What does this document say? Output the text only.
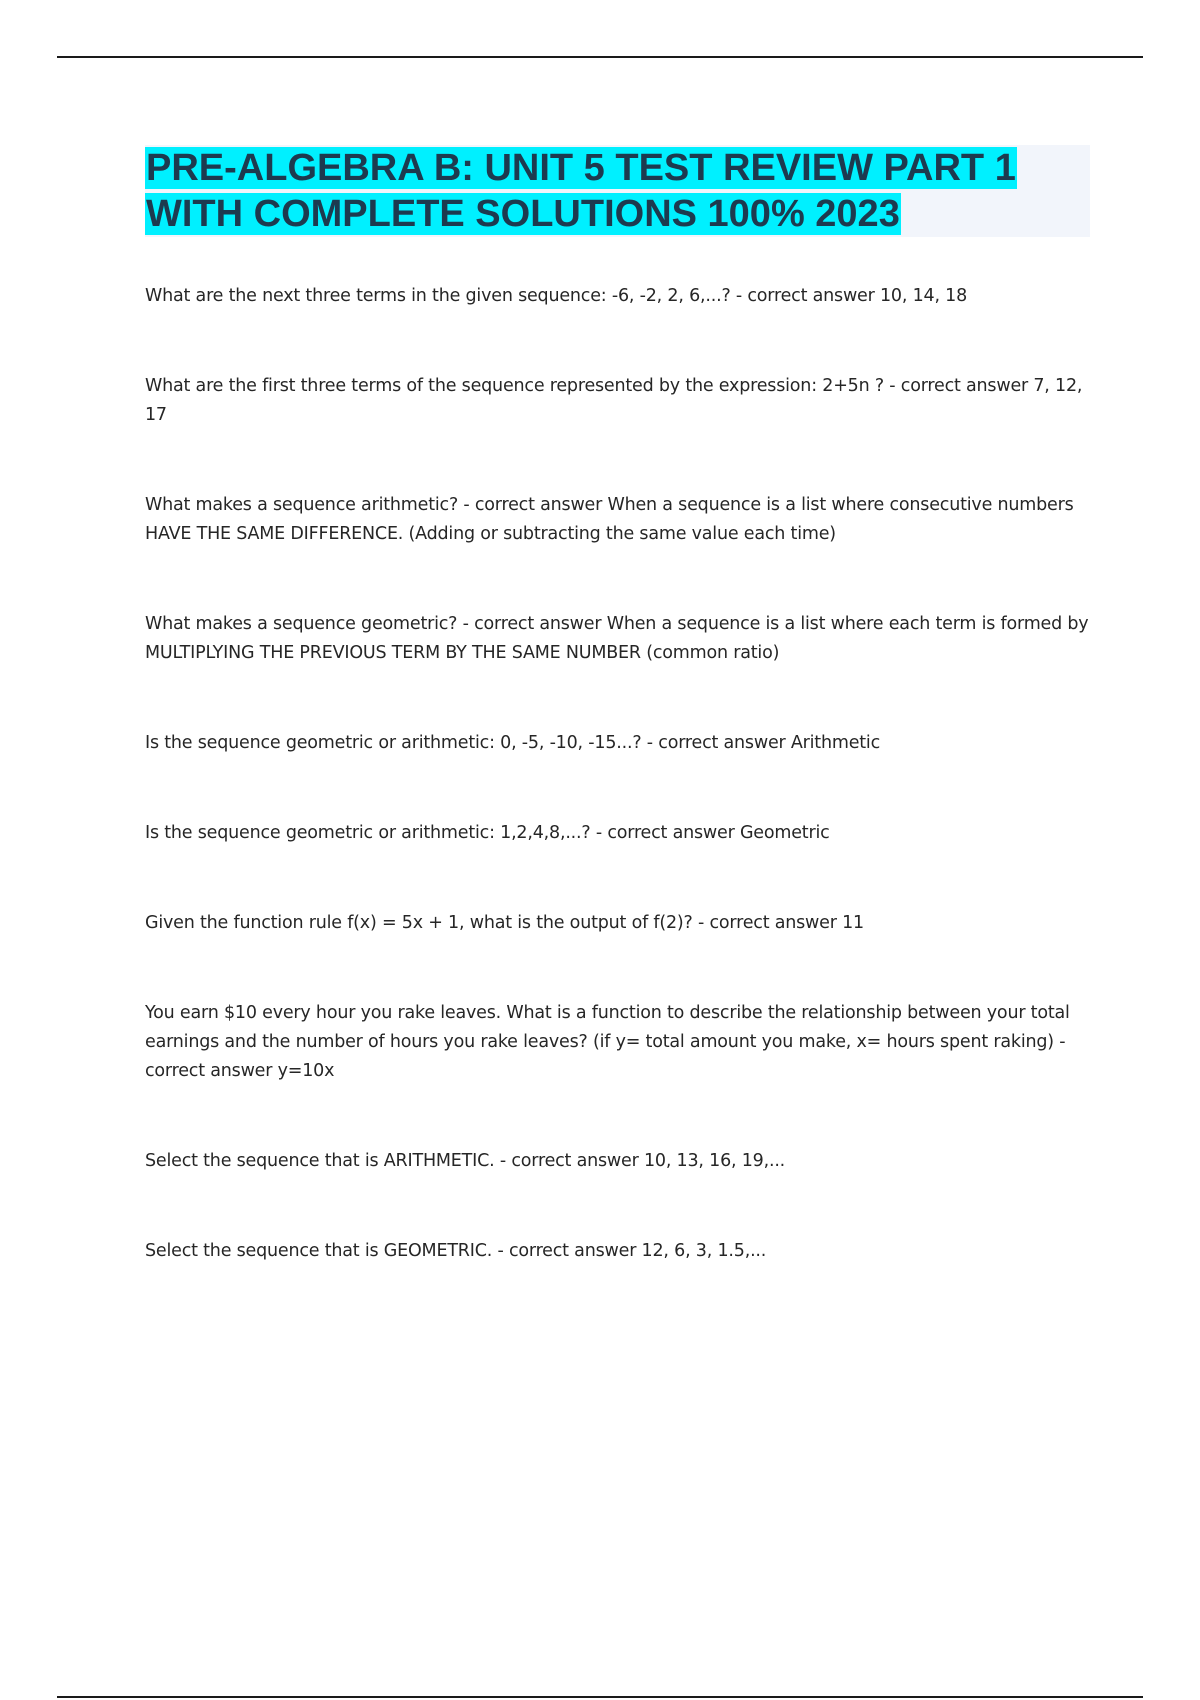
PRE-ALGEBRA B: UNIT 5 TEST REVIEW PART 1
WITH COMPLETE SOLUTIONS 100% 2023

What are the next three terms in the given sequence: -6, -2, 2, 6,...? - correct answer 10, 14, 18

What are the first three terms of the sequence represented by the expression: 2+5n ? - correct answer 7, 12, 17

What makes a sequence arithmetic? - correct answer When a sequence is a list where consecutive numbers HAVE THE SAME DIFFERENCE. (Adding or subtracting the same value each time)

What makes a sequence geometric? - correct answer When a sequence is a list where each term is formed by MULTIPLYING THE PREVIOUS TERM BY THE SAME NUMBER (common ratio)

Is the sequence geometric or arithmetic: 0, -5, -10, -15...? - correct answer Arithmetic

Is the sequence geometric or arithmetic: 1,2,4,8,...? - correct answer Geometric

Given the function rule f(x) = 5x + 1, what is the output of f(2)? - correct answer 11

You earn $10 every hour you rake leaves. What is a function to describe the relationship between your total earnings and the number of hours you rake leaves? (if y= total amount you make, x= hours spent raking) - correct answer y=10x

Select the sequence that is ARITHMETIC. - correct answer 10, 13, 16, 19,...

Select the sequence that is GEOMETRIC. - correct answer 12, 6, 3, 1.5,...
